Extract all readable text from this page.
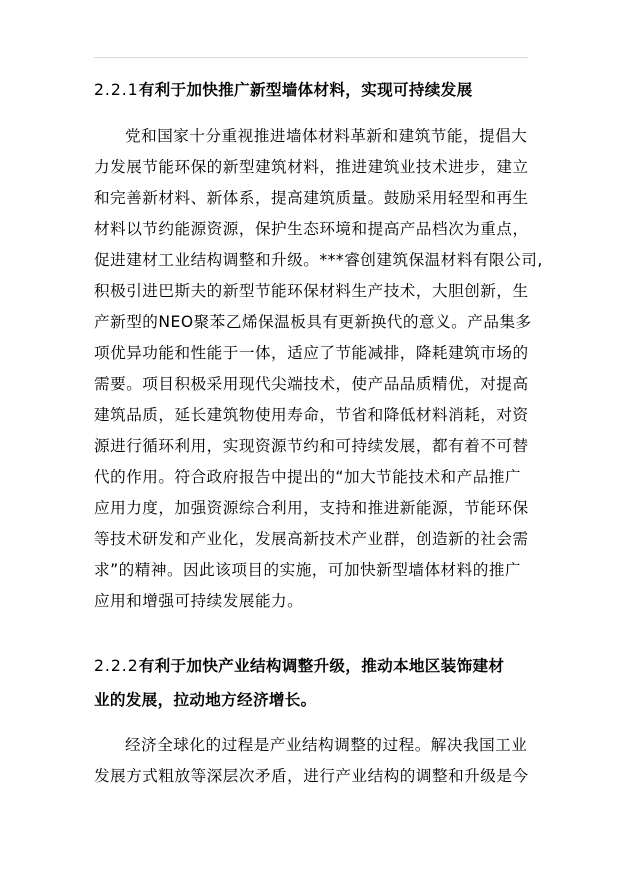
2.2.1有利于加快推广新型墙体材料，实现可持续发展
党和国家十分重视推进墙体材料革新和建筑节能，提倡大
力发展节能环保的新型建筑材料，推进建筑业技术进步，建立
和完善新材料、新体系，提高建筑质量。鼓励采用轻型和再生
材料以节约能源资源，保护生态环境和提高产品档次为重点，
促进建材工业结构调整和升级。***睿创建筑保温材料有限公司,
积极引进巴斯夫的新型节能环保材料生产技术，大胆创新，生
产新型的NEO聚苯乙烯保温板具有更新换代的意义。产品集多
项优异功能和性能于一体，适应了节能减排，降耗建筑市场的
需要。项目积极采用现代尖端技术，使产品品质精优，对提高
建筑品质，延长建筑物使用寿命，节省和降低材料消耗，对资
源进行循环利用，实现资源节约和可持续发展，都有着不可替
代的作用。符合政府报告中提出的“加大节能技术和产品推广
应用力度，加强资源综合利用，支持和推进新能源，节能环保
等技术研发和产业化，发展高新技术产业群，创造新的社会需
求”的精神。因此该项目的实施，可加快新型墙体材料的推广
应用和增强可持续发展能力。
2.2.2有利于加快产业结构调整升级，推动本地区装饰建材
业的发展，拉动地方经济增长。
经济全球化的过程是产业结构调整的过程。解决我国工业
发展方式粗放等深层次矛盾，进行产业结构的调整和升级是今
